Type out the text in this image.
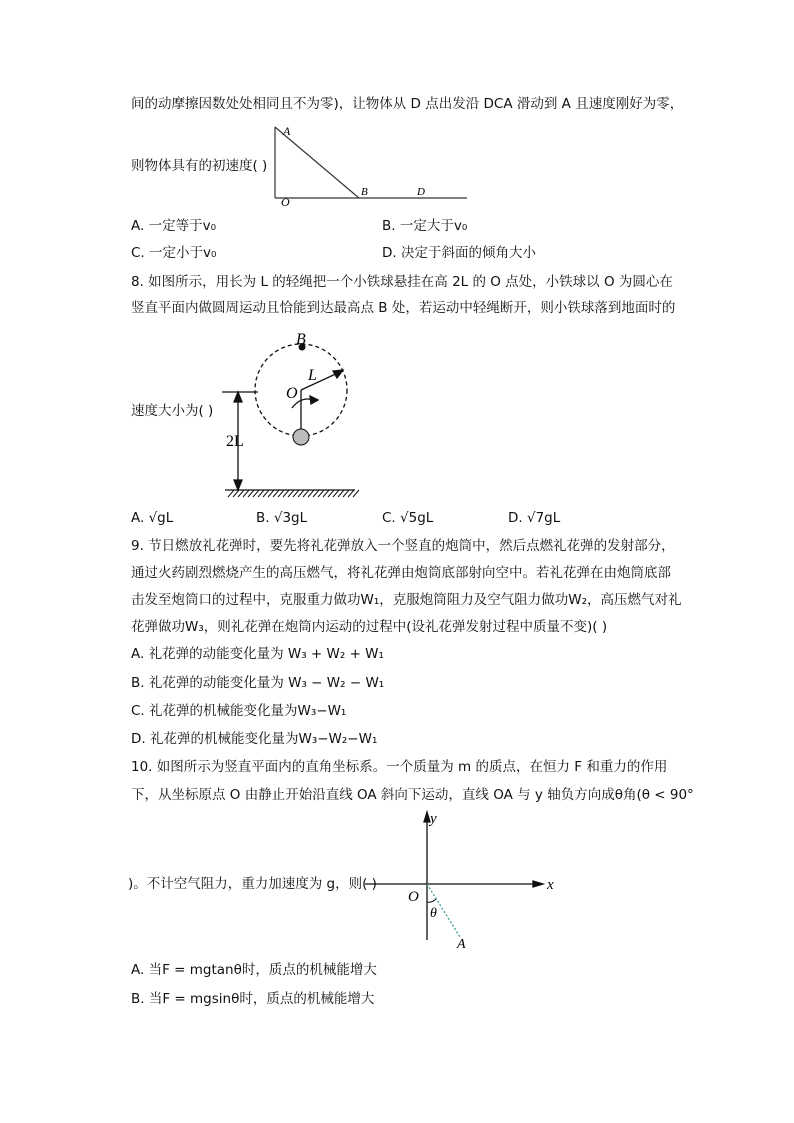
间的动摩擦因数处处相同且不为零)，让物体从 D 点出发沿 DCA 滑动到 A 且速度刚好为零，
则物体具有的初速度( )
A. 一定等于v₀	B. 一定大于v₀
C. 一定小于v₀	D. 决定于斜面的倾角大小
8. 如图所示，用长为 L 的轻绳把一个小铁球悬挂在高 2L 的 O 点处，小铁球以 O 为圆心在
竖直平面内做圆周运动且恰能到达最高点 B 处，若运动中轻绳断开，则小铁球落到地面时的
速度大小为( )
A. √gL	B. √3gL	C. √5gL	D. √7gL
9. 节日燃放礼花弹时，要先将礼花弹放入一个竖直的炮筒中，然后点燃礼花弹的发射部分，
通过火药剧烈燃烧产生的高压燃气，将礼花弹由炮筒底部射向空中。若礼花弹在由炮筒底部
击发至炮筒口的过程中，克服重力做功W₁，克服炮筒阻力及空气阻力做功W₂，高压燃气对礼
花弹做功W₃，则礼花弹在炮筒内运动的过程中(设礼花弹发射过程中质量不变)( )
A. 礼花弹的动能变化量为 W₃ + W₂ + W₁
B. 礼花弹的动能变化量为 W₃ − W₂ − W₁
C. 礼花弹的机械能变化量为W₃−W₁
D. 礼花弹的机械能变化量为W₃−W₂−W₁
10. 如图所示为竖直平面内的直角坐标系。一个质量为 m 的质点，在恒力 F 和重力的作用
下，从坐标原点 O 由静止开始沿直线 OA 斜向下运动，直线 OA 与 y 轴负方向成θ角(θ < 90°
)。不计空气阻力，重力加速度为 g，则( )
A. 当F = mgtanθ时，质点的机械能增大
B. 当F = mgsinθ时，质点的机械能增大
A
O
B	D
B
O
L
2L
y
x
O
θ
A
